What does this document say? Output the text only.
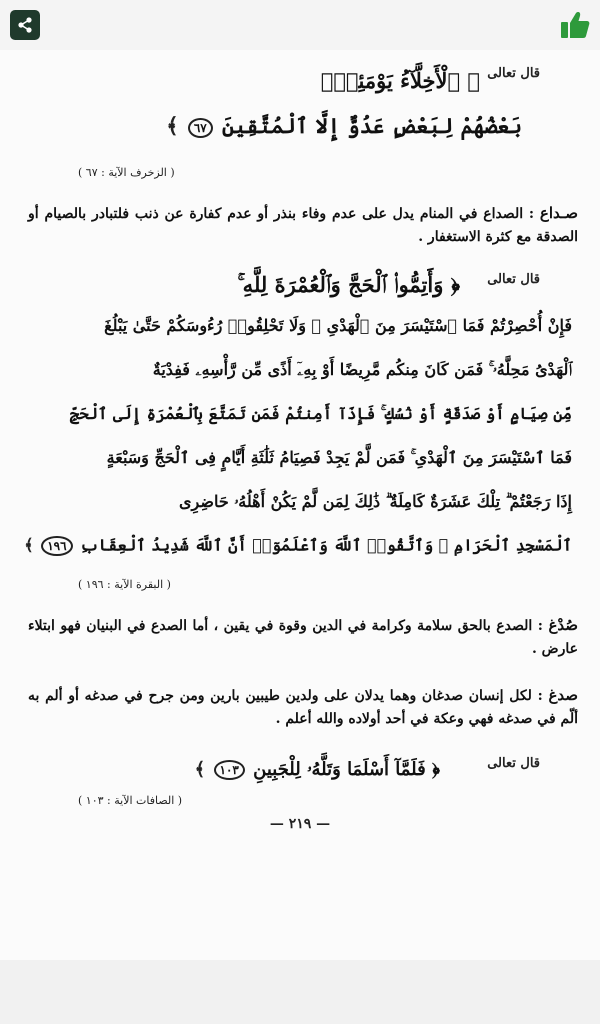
قال تعالى
﴿ ٱلْأَخِلَّآءُ يَوْمَئِذٍۭ
بَعْضُهُمْ لِبَعْضٍ عَدُوٌّ إِلَّا ٱلْمُتَّقِينَ ٦٧ ﴾
( الزخرف الآية : ٦٧ )
صـداع : الصداع في المنام يدل على عدم وفاء بنذر أو عدم كفارة عن ذنب فلتبادر بالصيام أو الصدقة مع كثرة الاستغفار .
قال تعالى
﴿ وَأَتِمُّوا۟ ٱلْحَجَّ وَٱلْعُمْرَةَ لِلَّهِ ۚ
فَإِنْ أُحْصِرْتُمْ فَمَا ٱسْتَيْسَرَ مِنَ ٱلْهَدْىِ ۖ وَلَا تَحْلِقُوا۟ رُءُوسَكُمْ حَتَّىٰ يَبْلُغَ
ٱلْهَدْىُ مَحِلَّهُۥ ۚ فَمَن كَانَ مِنكُم مَّرِيضًا أَوْ بِهِۦٓ أَذًى مِّن رَّأْسِهِۦ فَفِدْيَةٌ
مِّن صِيَامٍ أَوْ صَدَقَةٍ أَوْ نُسُكٍ ۚ فَإِذَآ أَمِنتُمْ فَمَن تَمَتَّعَ بِٱلْعُمْرَةِ إِلَى ٱلْحَجِّ
فَمَا ٱسْتَيْسَرَ مِنَ ٱلْهَدْىِ ۚ فَمَن لَّمْ يَجِدْ فَصِيَامُ ثَلَٰثَةِ أَيَّامٍ فِى ٱلْحَجِّ وَسَبْعَةٍ
إِذَا رَجَعْتُمْ ۗ تِلْكَ عَشَرَةٌ كَامِلَةٌ ۗ ذَٰلِكَ لِمَن لَّمْ يَكُنْ أَهْلُهُۥ حَاضِرِى
ٱلْمَسْجِدِ ٱلْحَرَامِ ۚ وَٱتَّقُوا۟ ٱللَّهَ وَٱعْلَمُوٓا۟ أَنَّ ٱللَّهَ شَدِيدُ ٱلْعِقَابِ ١٩٦ ﴾
( البقرة الآية : ١٩٦ )
صُدْغ : الصدع بالحق سلامة وكرامة في الدين وقوة في يقين ، أما الصدع في البنيان فهو ابتلاء عارض .
صدغ : لكل إنسان صدغان وهما يدلان على ولدين طيبين بارين ومن جرح في صدغه أو ألم به ألّم في صدغه فهي وعكة في أحد أولاده والله أعلم .
قال تعالى
﴿ فَلَمَّآ أَسْلَمَا وَتَلَّهُۥ لِلْجَبِينِ ١٠٣ ﴾
( الصافات الآية : ١٠٣ )
— ٢١٩ —
